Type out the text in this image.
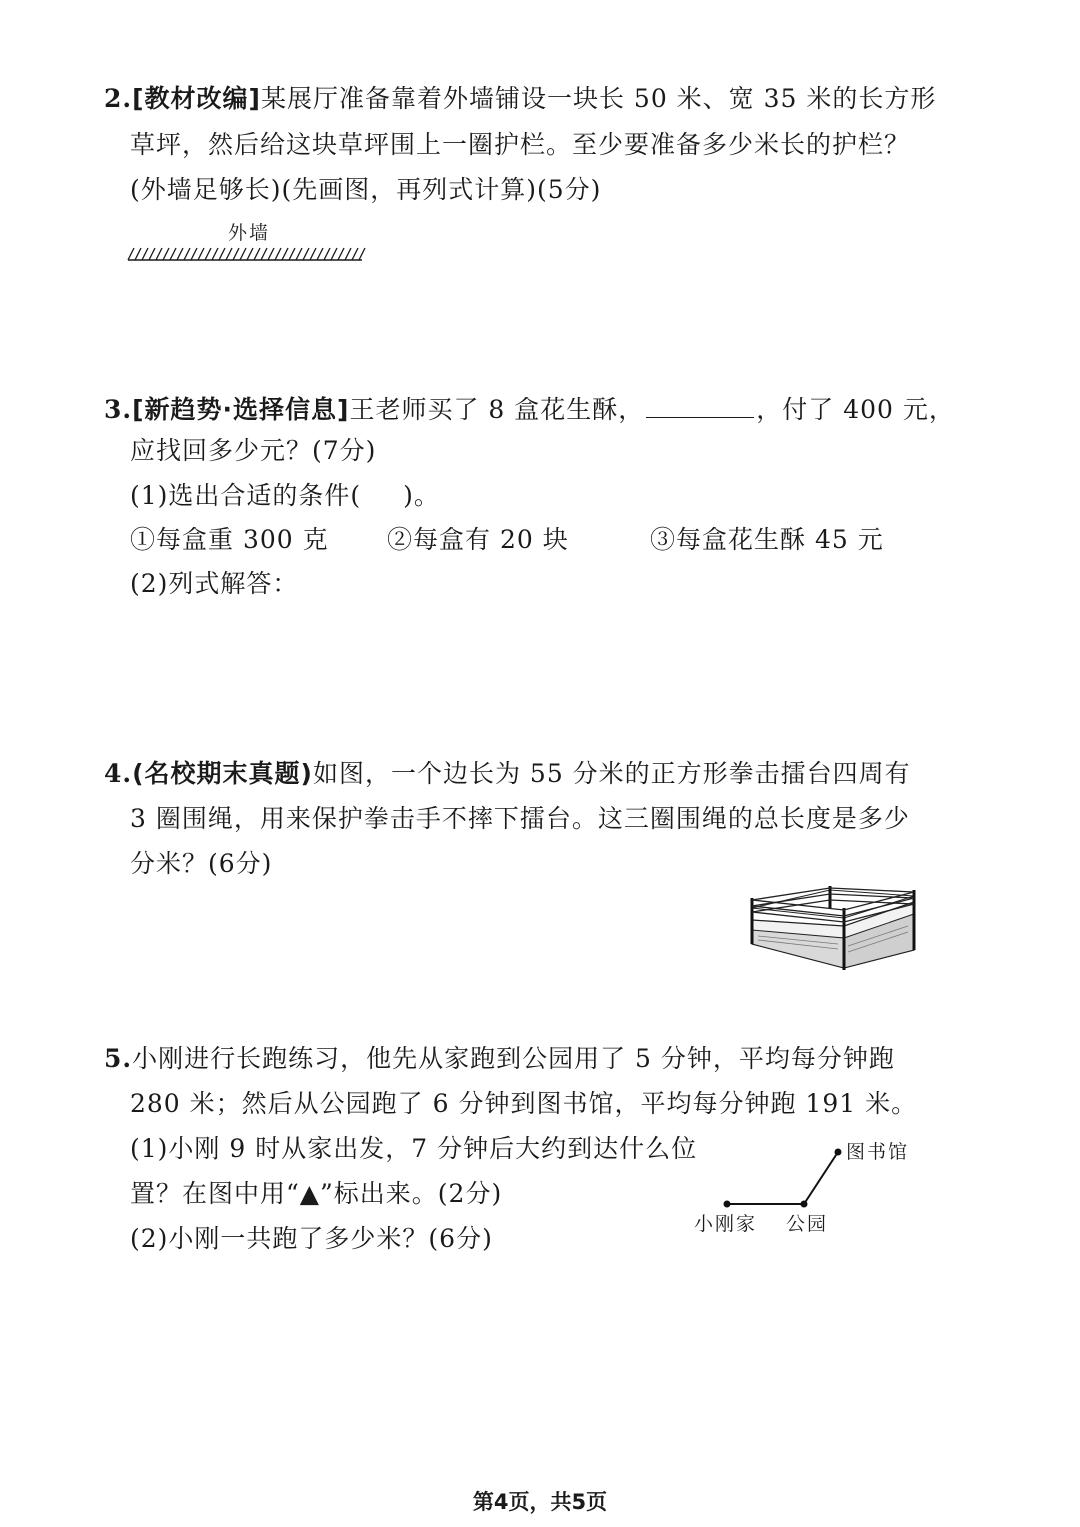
2.[教材改编]某展厅准备靠着外墙铺设一块长 50 米、宽 35 米的长方形
草坪，然后给这块草坪围上一圈护栏。至少要准备多少米长的护栏？
(外墙足够长)(先画图，再列式计算)(5分)
外墙
3.[新趋势·选择信息]王老师买了 8 盒花生酥，	，付了 400 元，
应找回多少元？(7分)
(1)选出合适的条件( )。
①每盒重 300 克 ②每盒有 20 块	③每盒花生酥 45 元
(2)列式解答：
4.(名校期末真题)如图，一个边长为 55 分米的正方形拳击擂台四周有
3 圈围绳，用来保护拳击手不摔下擂台。这三圈围绳的总长度是多少
分米？(6分)
5.小刚进行长跑练习，他先从家跑到公园用了 5 分钟，平均每分钟跑
280 米；然后从公园跑了 6 分钟到图书馆，平均每分钟跑 191 米。
(1)小刚 9 时从家出发，7 分钟后大约到达什么位
置？在图中用“▲”标出来。(2分)
(2)小刚一共跑了多少米？(6分)
图书馆
小刚家 公园
第4页，共5页
